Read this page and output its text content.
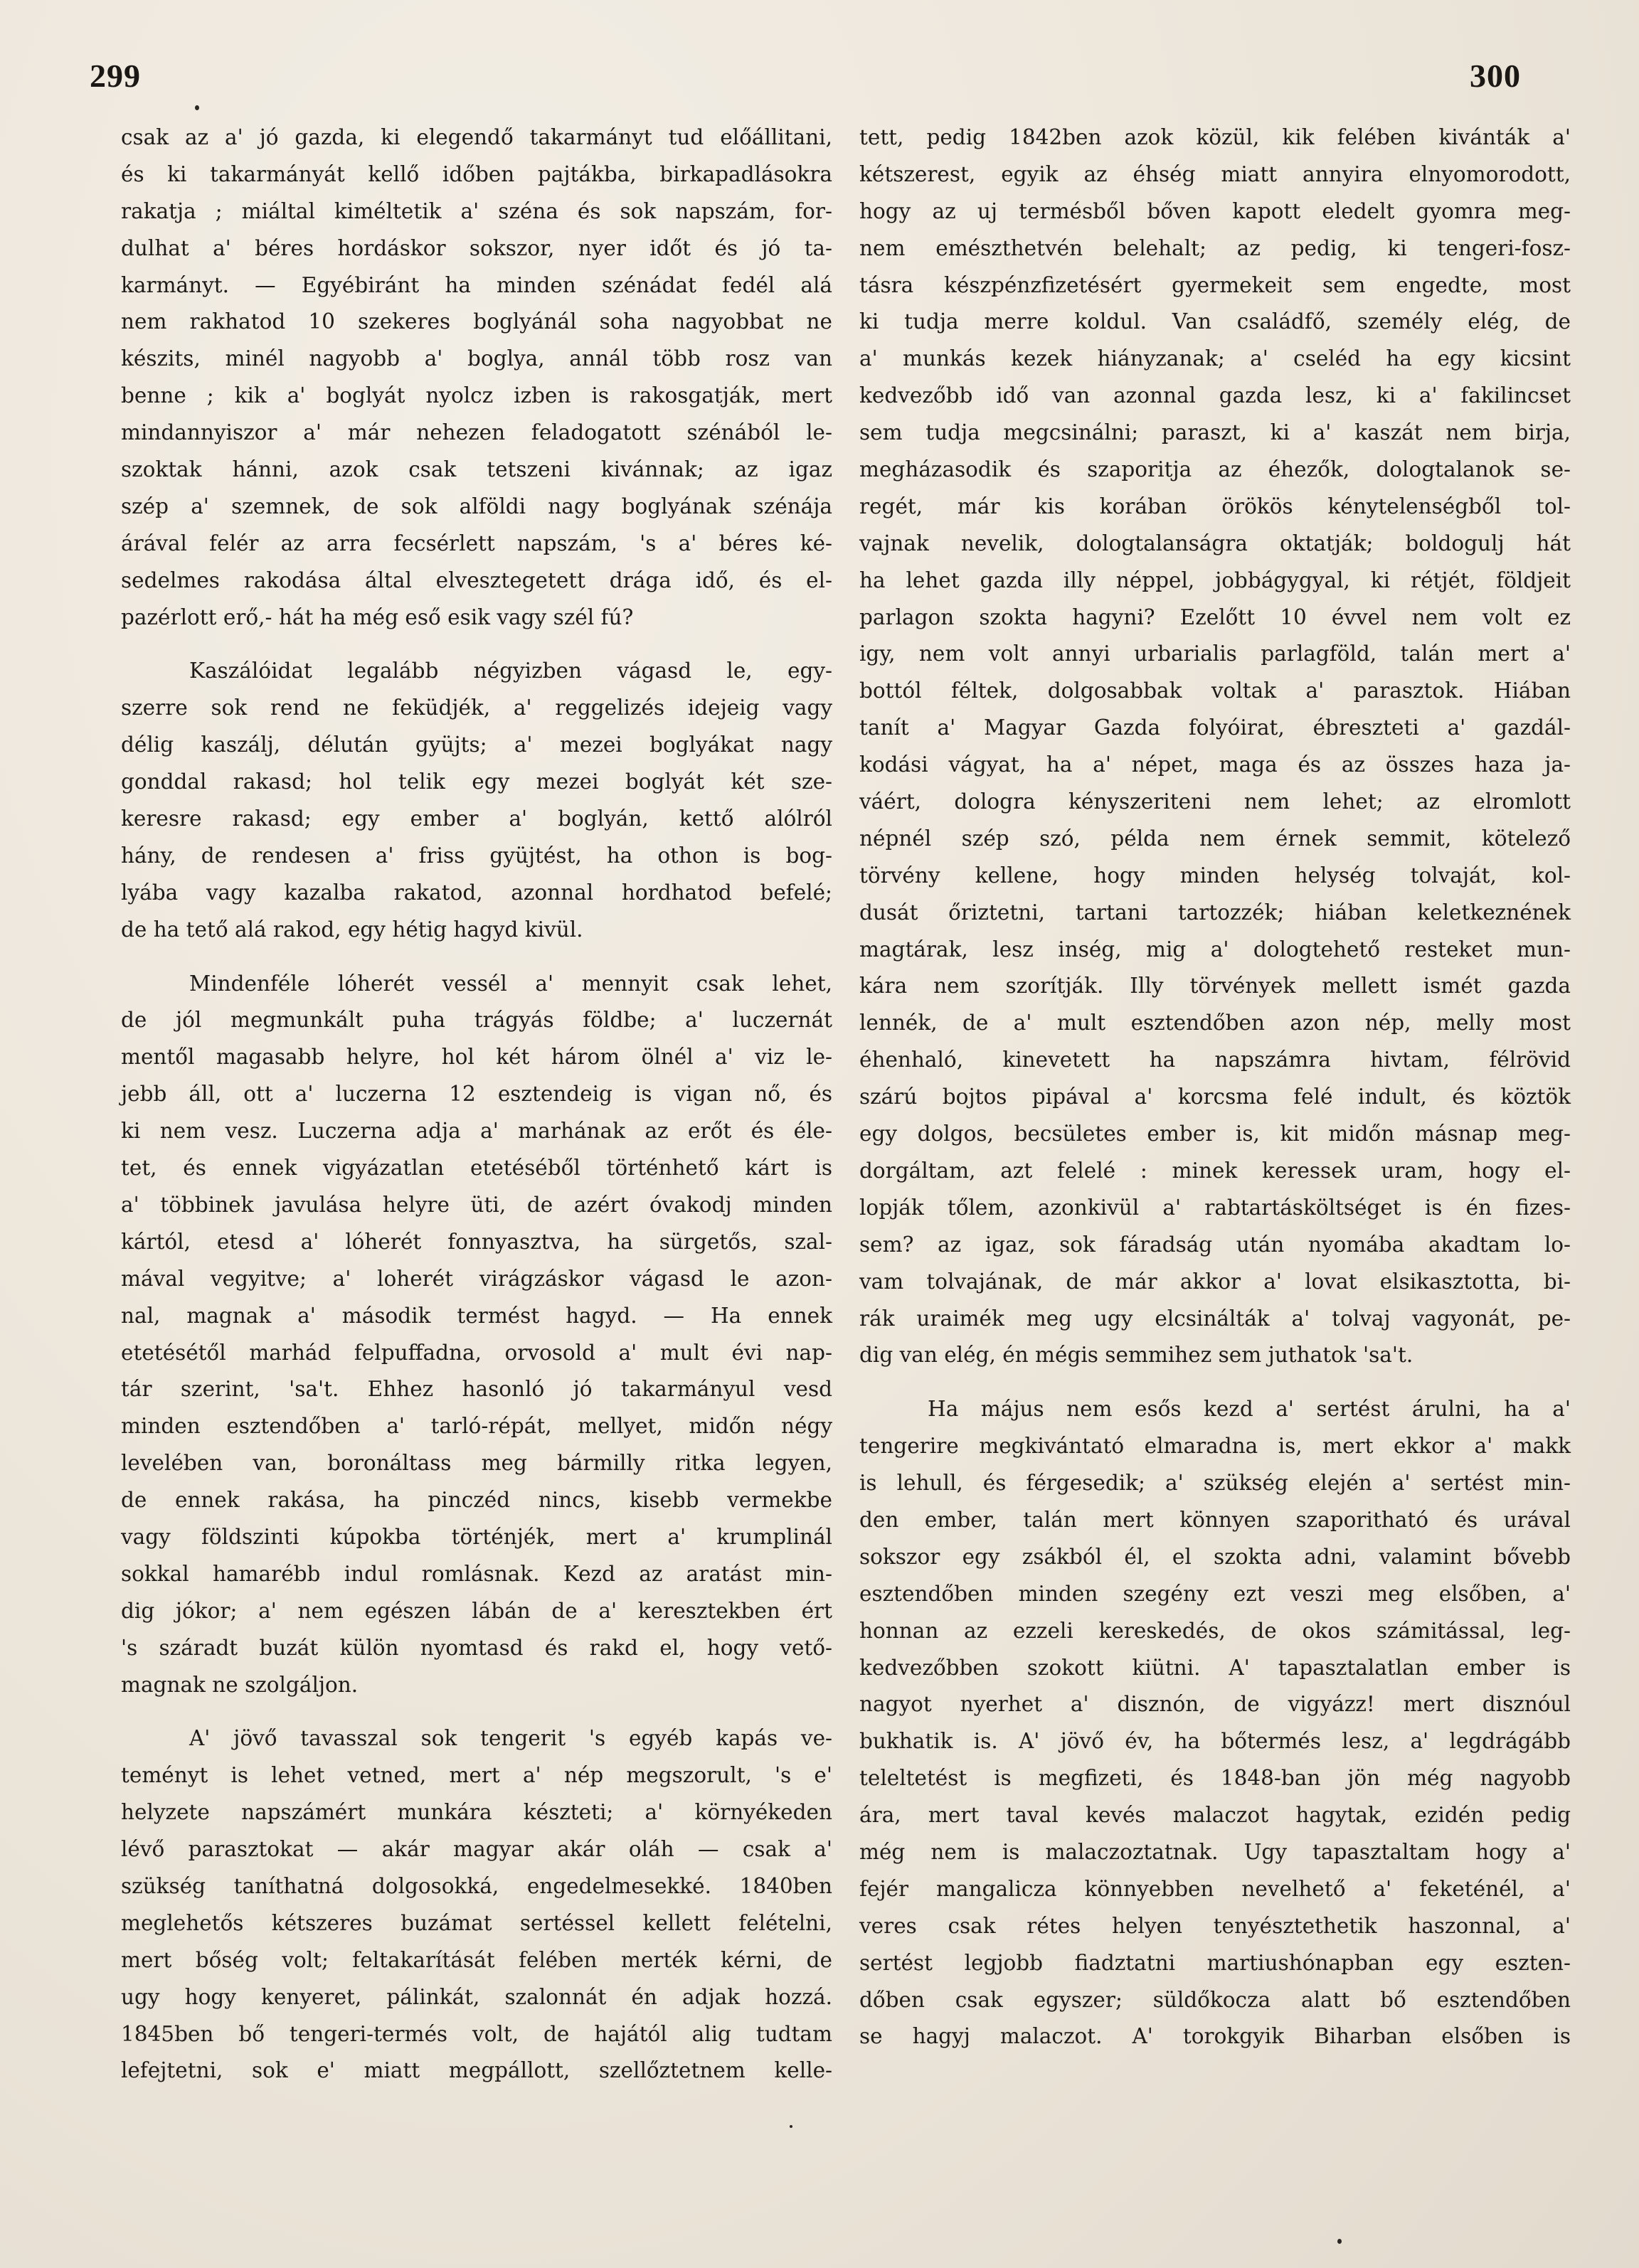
299	300
csak az a' jó gazda, ki elegendő takarmányt tud előállitani,
és ki takarmányát kellő időben pajtákba, birkapadlásokra
rakatja ; miáltal kiméltetik a' széna és sok napszám, for-
dulhat a' béres hordáskor sokszor, nyer időt és jó ta-
karmányt. — Egyébiránt ha minden szénádat fedél alá
nem rakhatod 10 szekeres boglyánál soha nagyobbat ne
készits, minél nagyobb a' boglya, annál több rosz van
benne ; kik a' boglyát nyolcz izben is rakosgatják, mert
mindannyiszor a' már nehezen feladogatott szénából le-
szoktak hánni, azok csak tetszeni kivánnak; az igaz
szép a' szemnek, de sok alföldi nagy boglyának szénája
árával felér az arra fecsérlett napszám, 's a' béres ké-
sedelmes rakodása által elvesztegetett drága idő, és el-
pazérlott erő,- hát ha még eső esik vagy szél fú?
Kaszálóidat legalább négyizben vágasd le, egy-
szerre sok rend ne feküdjék, a' reggelizés idejeig vagy
délig kaszálj, délután gyüjts; a' mezei boglyákat nagy
gonddal rakasd; hol telik egy mezei boglyát két sze-
keresre rakasd; egy ember a' boglyán, kettő alólról
hány, de rendesen a' friss gyüjtést, ha othon is bog-
lyába vagy kazalba rakatod, azonnal hordhatod befelé;
de ha tető alá rakod, egy hétig hagyd kivül.
Mindenféle lóherét vessél a' mennyit csak lehet,
de jól megmunkált puha trágyás földbe; a' luczernát
mentől magasabb helyre, hol két három ölnél a' viz le-
jebb áll, ott a' luczerna 12 esztendeig is vigan nő, és
ki nem vesz. Luczerna adja a' marhának az erőt és éle-
tet, és ennek vigyázatlan etetéséből történhető kárt is
a' többinek javulása helyre üti, de azért óvakodj minden
kártól, etesd a' lóherét fonnyasztva, ha sürgetős, szal-
mával vegyitve; a' loherét virágzáskor vágasd le azon-
nal, magnak a' második termést hagyd. — Ha ennek
etetésétől marhád felpuffadna, orvosold a' mult évi nap-
tár szerint, 'sa't. Ehhez hasonló jó takarmányul vesd
minden esztendőben a' tarló-répát, mellyet, midőn négy
levelében van, boronáltass meg bármilly ritka legyen,
de ennek rakása, ha pinczéd nincs, kisebb vermekbe
vagy földszinti kúpokba történjék, mert a' krumplinál
sokkal hamarébb indul romlásnak. Kezd az aratást min-
dig jókor; a' nem egészen lábán de a' keresztekben ért
's száradt buzát külön nyomtasd és rakd el, hogy vető-
magnak ne szolgáljon.
A' jövő tavasszal sok tengerit 's egyéb kapás ve-
teményt is lehet vetned, mert a' nép megszorult, 's e'
helyzete napszámért munkára készteti; a' környékeden
lévő parasztokat — akár magyar akár oláh — csak a'
szükség taníthatná dolgosokká, engedelmesekké. 1840ben
meglehetős kétszeres buzámat sertéssel kellett felételni,
mert bőség volt; feltakarítását felében merték kérni, de
ugy hogy kenyeret, pálinkát, szalonnát én adjak hozzá.
1845ben bő tengeri-termés volt, de hajától alig tudtam
lefejtetni, sok e' miatt megpállott, szellőztetnem kelle-
tett, pedig 1842ben azok közül, kik felében kivánták a'
kétszerest, egyik az éhség miatt annyira elnyomorodott,
hogy az uj termésből bőven kapott eledelt gyomra meg-
nem emészthetvén belehalt; az pedig, ki tengeri-fosz-
tásra készpénzfizetésért gyermekeit sem engedte, most
ki tudja merre koldul. Van családfő, személy elég, de
a' munkás kezek hiányzanak; a' cseléd ha egy kicsint
kedvezőbb idő van azonnal gazda lesz, ki a' fakilincset
sem tudja megcsinálni; paraszt, ki a' kaszát nem birja,
megházasodik és szaporitja az éhezők, dologtalanok se-
regét, már kis korában örökös kénytelenségből tol-
vajnak nevelik, dologtalanságra oktatják; boldogulj hát
ha lehet gazda illy néppel, jobbágygyal, ki rétjét, földjeit
parlagon szokta hagyni? Ezelőtt 10 évvel nem volt ez
igy, nem volt annyi urbarialis parlagföld, talán mert a'
bottól féltek, dolgosabbak voltak a' parasztok. Hiában
tanít a' Magyar Gazda folyóirat, ébreszteti a' gazdál-
kodási vágyat, ha a' népet, maga és az összes haza ja-
váért, dologra kényszeriteni nem lehet; az elromlott
népnél szép szó, példa nem érnek semmit, kötelező
törvény kellene, hogy minden helység tolvaját, kol-
dusát őriztetni, tartani tartozzék; hiában keletkeznének
magtárak, lesz inség, mig a' dologtehető resteket mun-
kára nem szorítják. Illy törvények mellett ismét gazda
lennék, de a' mult esztendőben azon nép, melly most
éhenhaló, kinevetett ha napszámra hivtam, félrövid
szárú bojtos pipával a' korcsma felé indult, és köztök
egy dolgos, becsületes ember is, kit midőn másnap meg-
dorgáltam, azt felelé : minek keressek uram, hogy el-
lopják tőlem, azonkivül a' rabtartásköltséget is én fizes-
sem? az igaz, sok fáradság után nyomába akadtam lo-
vam tolvajának, de már akkor a' lovat elsikasztotta, bi-
rák uraimék meg ugy elcsinálták a' tolvaj vagyonát, pe-
dig van elég, én mégis semmihez sem juthatok 'sa't.
Ha május nem esős kezd a' sertést árulni, ha a'
tengerire megkivántató elmaradna is, mert ekkor a' makk
is lehull, és férgesedik; a' szükség elején a' sertést min-
den ember, talán mert könnyen szaporitható és urával
sokszor egy zsákból él, el szokta adni, valamint bővebb
esztendőben minden szegény ezt veszi meg elsőben, a'
honnan az ezzeli kereskedés, de okos számitással, leg-
kedvezőbben szokott kiütni. A' tapasztalatlan ember is
nagyot nyerhet a' disznón, de vigyázz! mert disznóul
bukhatik is. A' jövő év, ha bőtermés lesz, a' legdrágább
teleltetést is megfizeti, és 1848-ban jön még nagyobb
ára, mert taval kevés malaczot hagytak, ezidén pedig
még nem is malaczoztatnak. Ugy tapasztaltam hogy a'
fejér mangalicza könnyebben nevelhető a' feketénél, a'
veres csak rétes helyen tenyésztethetik haszonnal, a'
sertést legjobb fiadztatni martiushónapban egy eszten-
dőben csak egyszer; süldőkocza alatt bő esztendőben
se hagyj malaczot. A' torokgyik Biharban elsőben is
